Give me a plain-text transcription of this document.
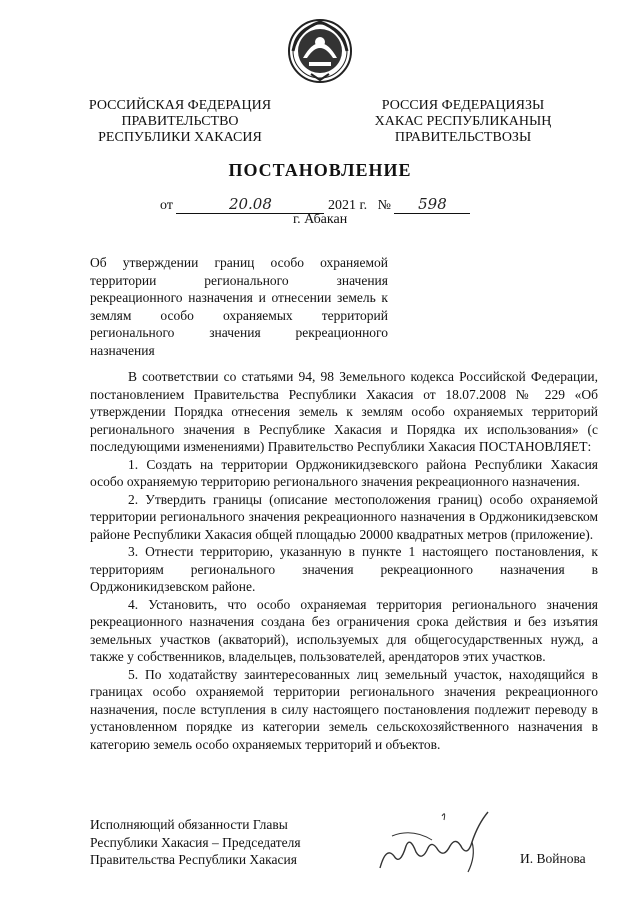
РОССИЙСКАЯ ФЕДЕРАЦИЯ
ПРАВИТЕЛЬСТВО
РЕСПУБЛИКИ ХАКАСИЯ
РОССИЯ ФЕДЕРАЦИЯЗЫ
ХАКАС РЕСПУБЛИКАНЫҢ
ПРАВИТЕЛЬСТВОЗЫ
ПОСТАНОВЛЕНИЕ
от	20.08	2021 г. № 598
г. Абакан
Об утверждении границ особо охраняемой территории регионального значения рекреационного назначения и отнесении земель к землям особо охраняемых территорий регионального значения рекреационного назначения

В соответствии со статьями 94, 98 Земельного кодекса Российской Федерации, постановлением Правительства Республики Хакасия от 18.07.2008 № 229 «Об утверждении Порядка отнесения земель к землям особо охраняемых территорий регионального значения в Республике Хакасия и Порядка их использования» (с последующими изменениями) Правительство Республики Хакасия ПОСТАНОВЛЯЕТ:

1. Создать на территории Орджоникидзевского района Республики Хакасия особо охраняемую территорию регионального значения рекреационного назначения.

2. Утвердить границы (описание местоположения границ) особо охраняемой территории регионального значения рекреационного назначения в Орджоникидзевском районе Республики Хакасия общей площадью 20000 квадратных метров (приложение).

3. Отнести территорию, указанную в пункте 1 настоящего постановления, к территориям регионального значения рекреационного назначения в Орджоникидзевском районе.

4. Установить, что особо охраняемая территория регионального значения рекреационного назначения создана без ограничения срока действия и без изъятия земельных участков (акваторий), используемых для общегосударственных нужд, а также у собственников, владельцев, пользователей, арендаторов этих участков.

5. По ходатайству заинтересованных лиц земельный участок, находящийся в границах особо охраняемой территории регионального значения рекреационного назначения, после вступления в силу настоящего постановления подлежит переводу в установленном порядке из категории земель сельскохозяйственного назначения в категорию земель особо охраняемых территорий и объектов.

Исполняющий обязанности Главы
Республики Хакасия – Председателя
Правительства Республики Хакасия	И. Войнова
